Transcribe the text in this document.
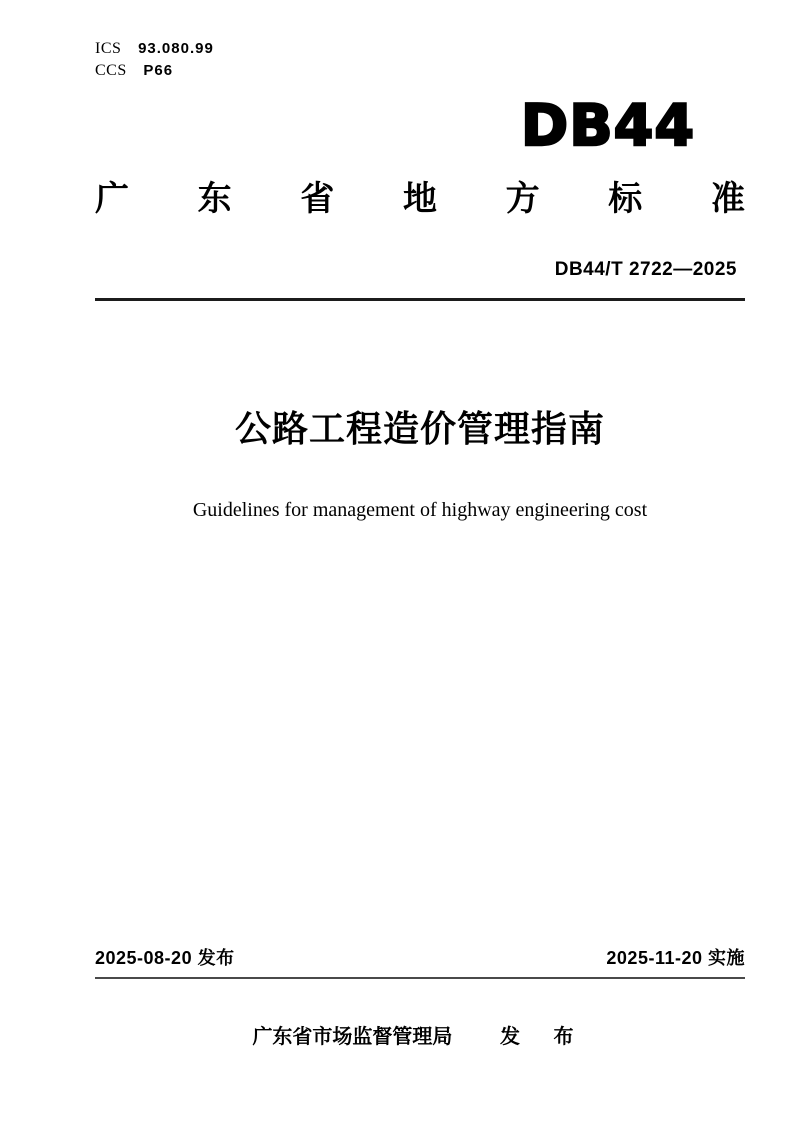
ICS 93.080.99
CCS P66
DB44
广 东 省 地 方 标 准
DB44/T 2722—2025
公路工程造价管理指南
Guidelines for management of highway engineering cost
2025-08-20 发布	2025-11-20 实施
广东省市场监督管理局 发 布
